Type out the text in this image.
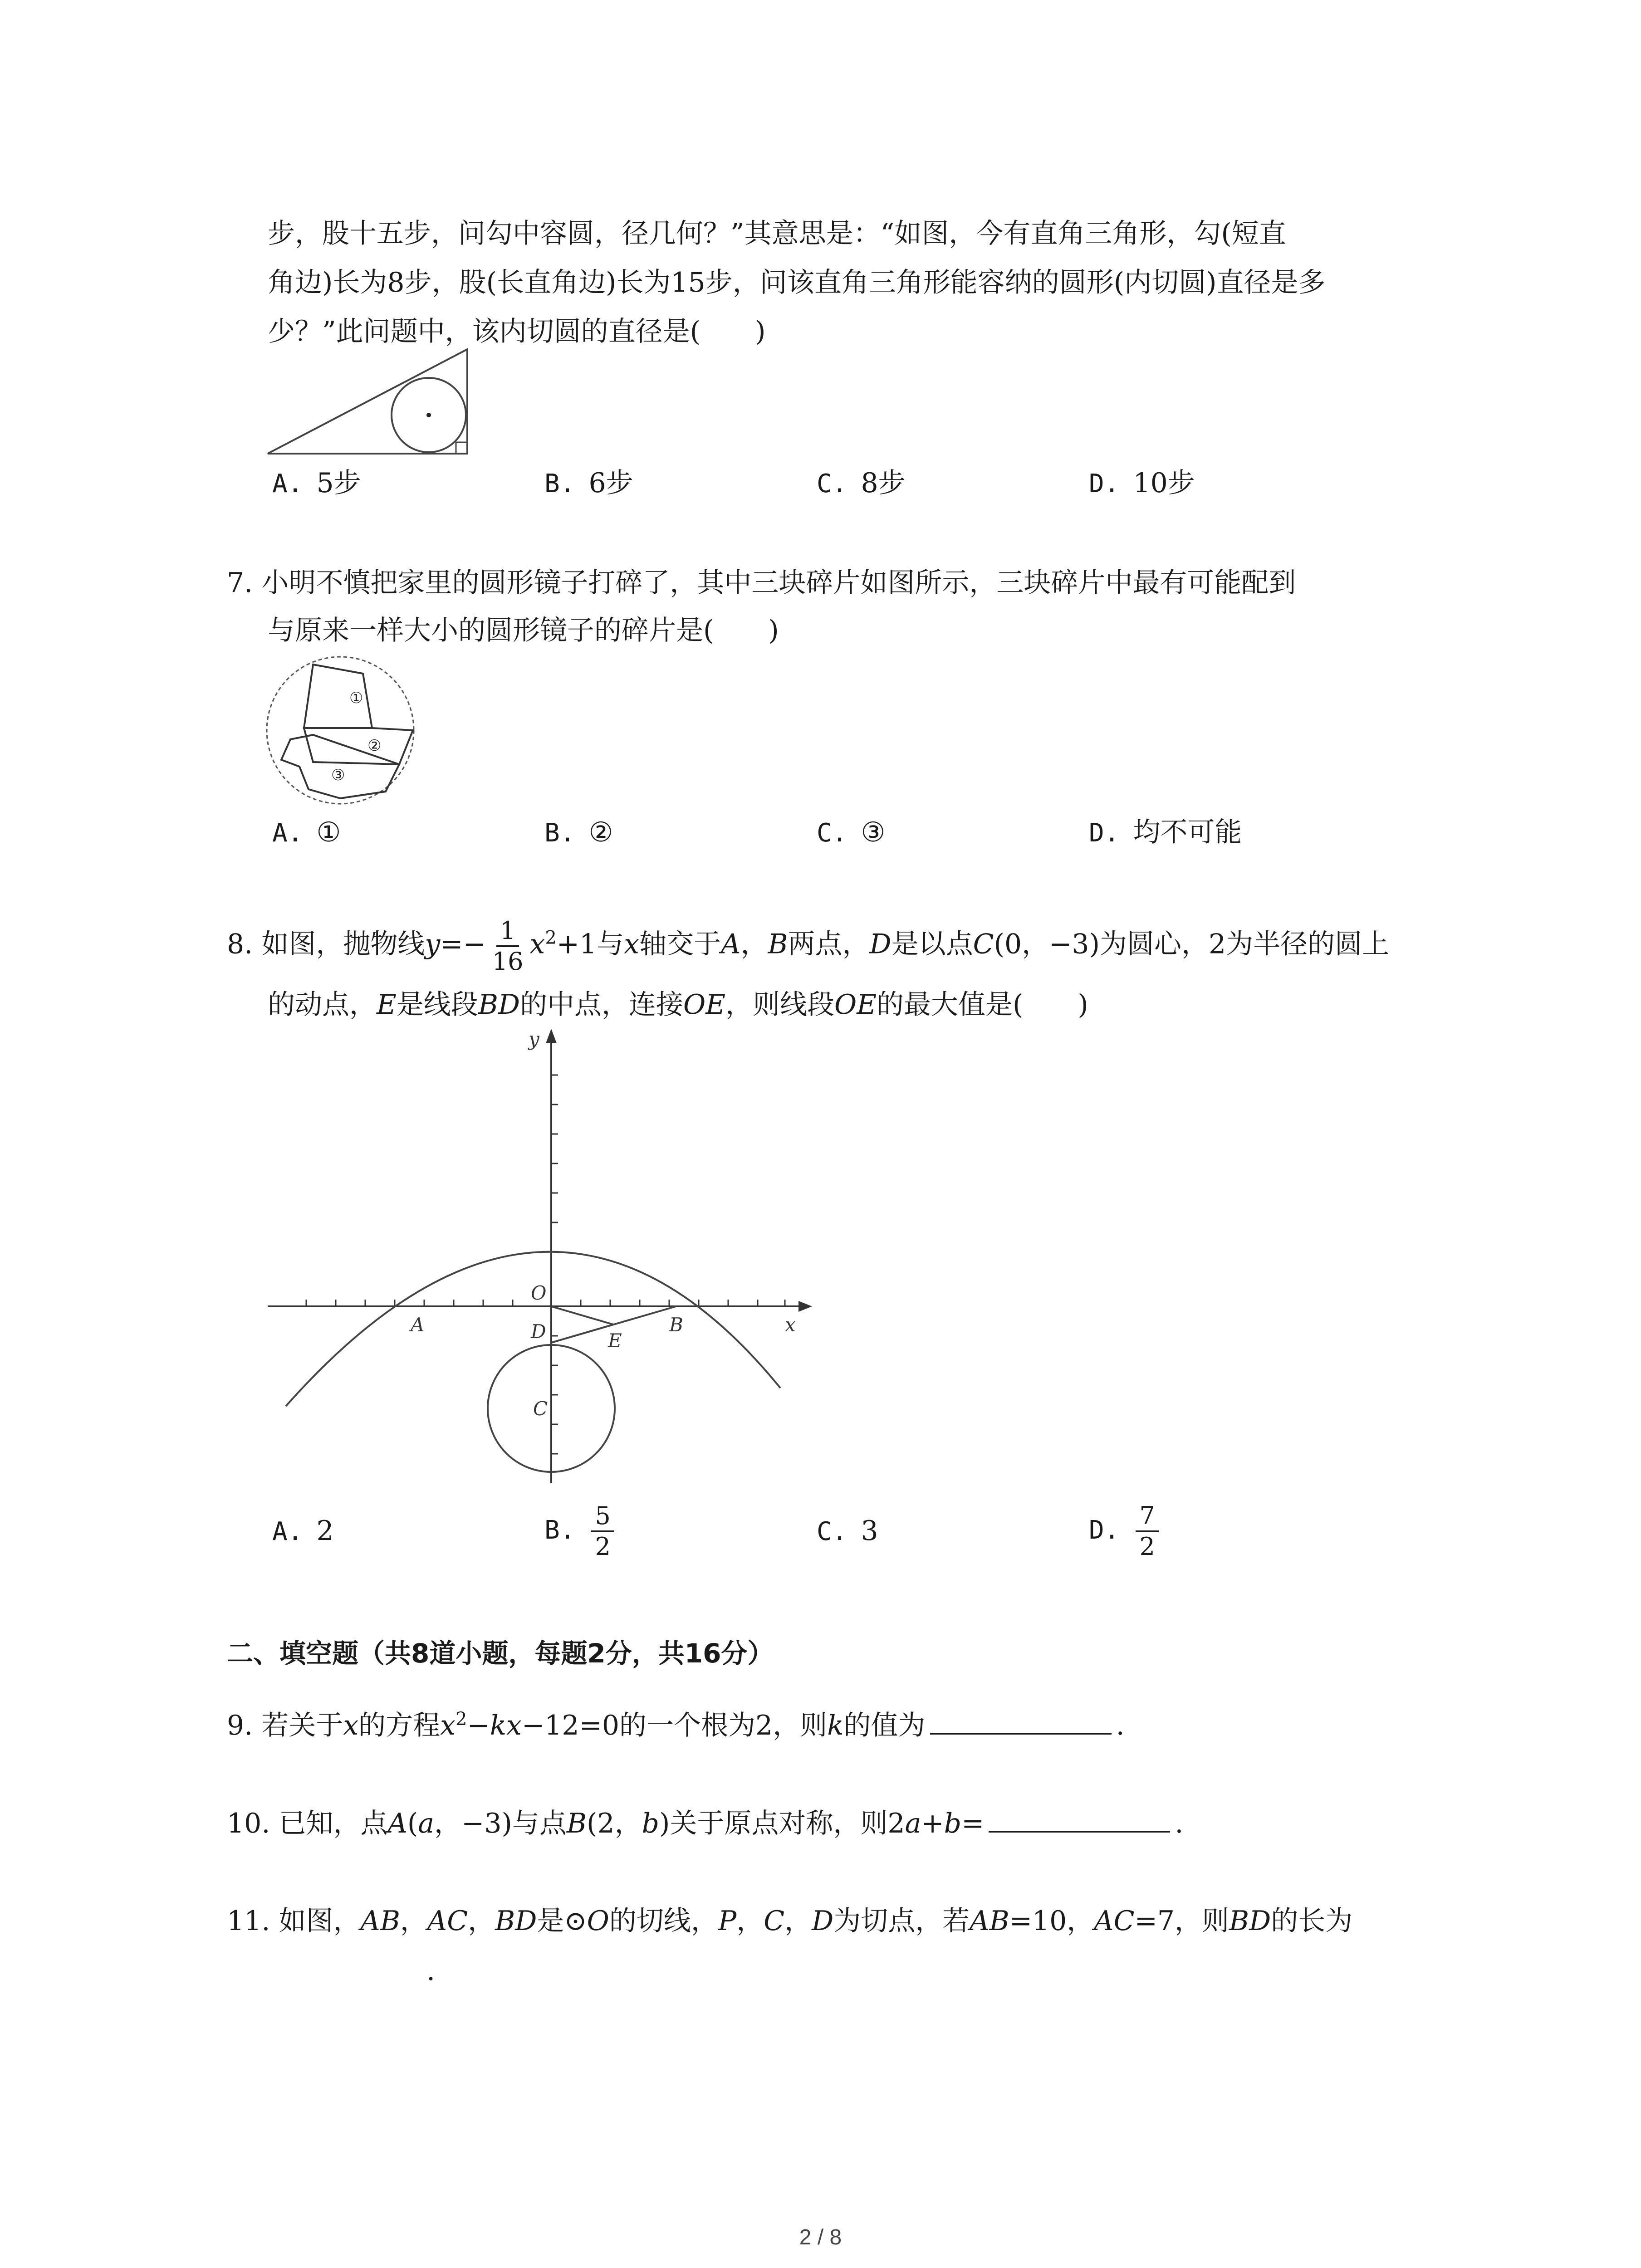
步，股十五步，问勾中容圆，径几何？”其意思是：“如图，今有直角三角形，勾(短直
角边)长为8步，股(长直角边)长为15步，问该直角三角形能容纳的圆形(内切圆)直径是多
少？”此问题中，该内切圆的直径是(　　)
A. 5步	B. 6步	C. 8步	D. 10步
7. 小明不慎把家里的圆形镜子打碎了，其中三块碎片如图所示，三块碎片中最有可能配到
与原来一样大小的圆形镜子的碎片是(　　)
①
②
③
A. ①	B. ②	C. ③	D. 均不可能
8. 如图，抛物线$y=- \frac{1}{16} x^2+1$与x轴交于A，B两点，D是以点C(0，−3)为圆心，2为半径的圆上
的动点，E是线段BD的中点，连接OE，则线段OE的最大值是(　　)
y
x
O
A	B
D	E
C
A. 2	B. $\frac{5}{2}$	C. 3	D. $\frac{7}{2}$
二、填空题（共8道小题，每题2分，共16分）
9. 若关于x的方程$x^2-kx-12=0$的一个根为2，则k的值为	.
10. 已知，点A(a，−3)与点B(2，b)关于原点对称，则2a+b=	.
11. 如图，AB，AC，BD是⊙O的切线，P，C，D为切点，若AB=10，AC=7，则BD的长为
.
2 / 8
